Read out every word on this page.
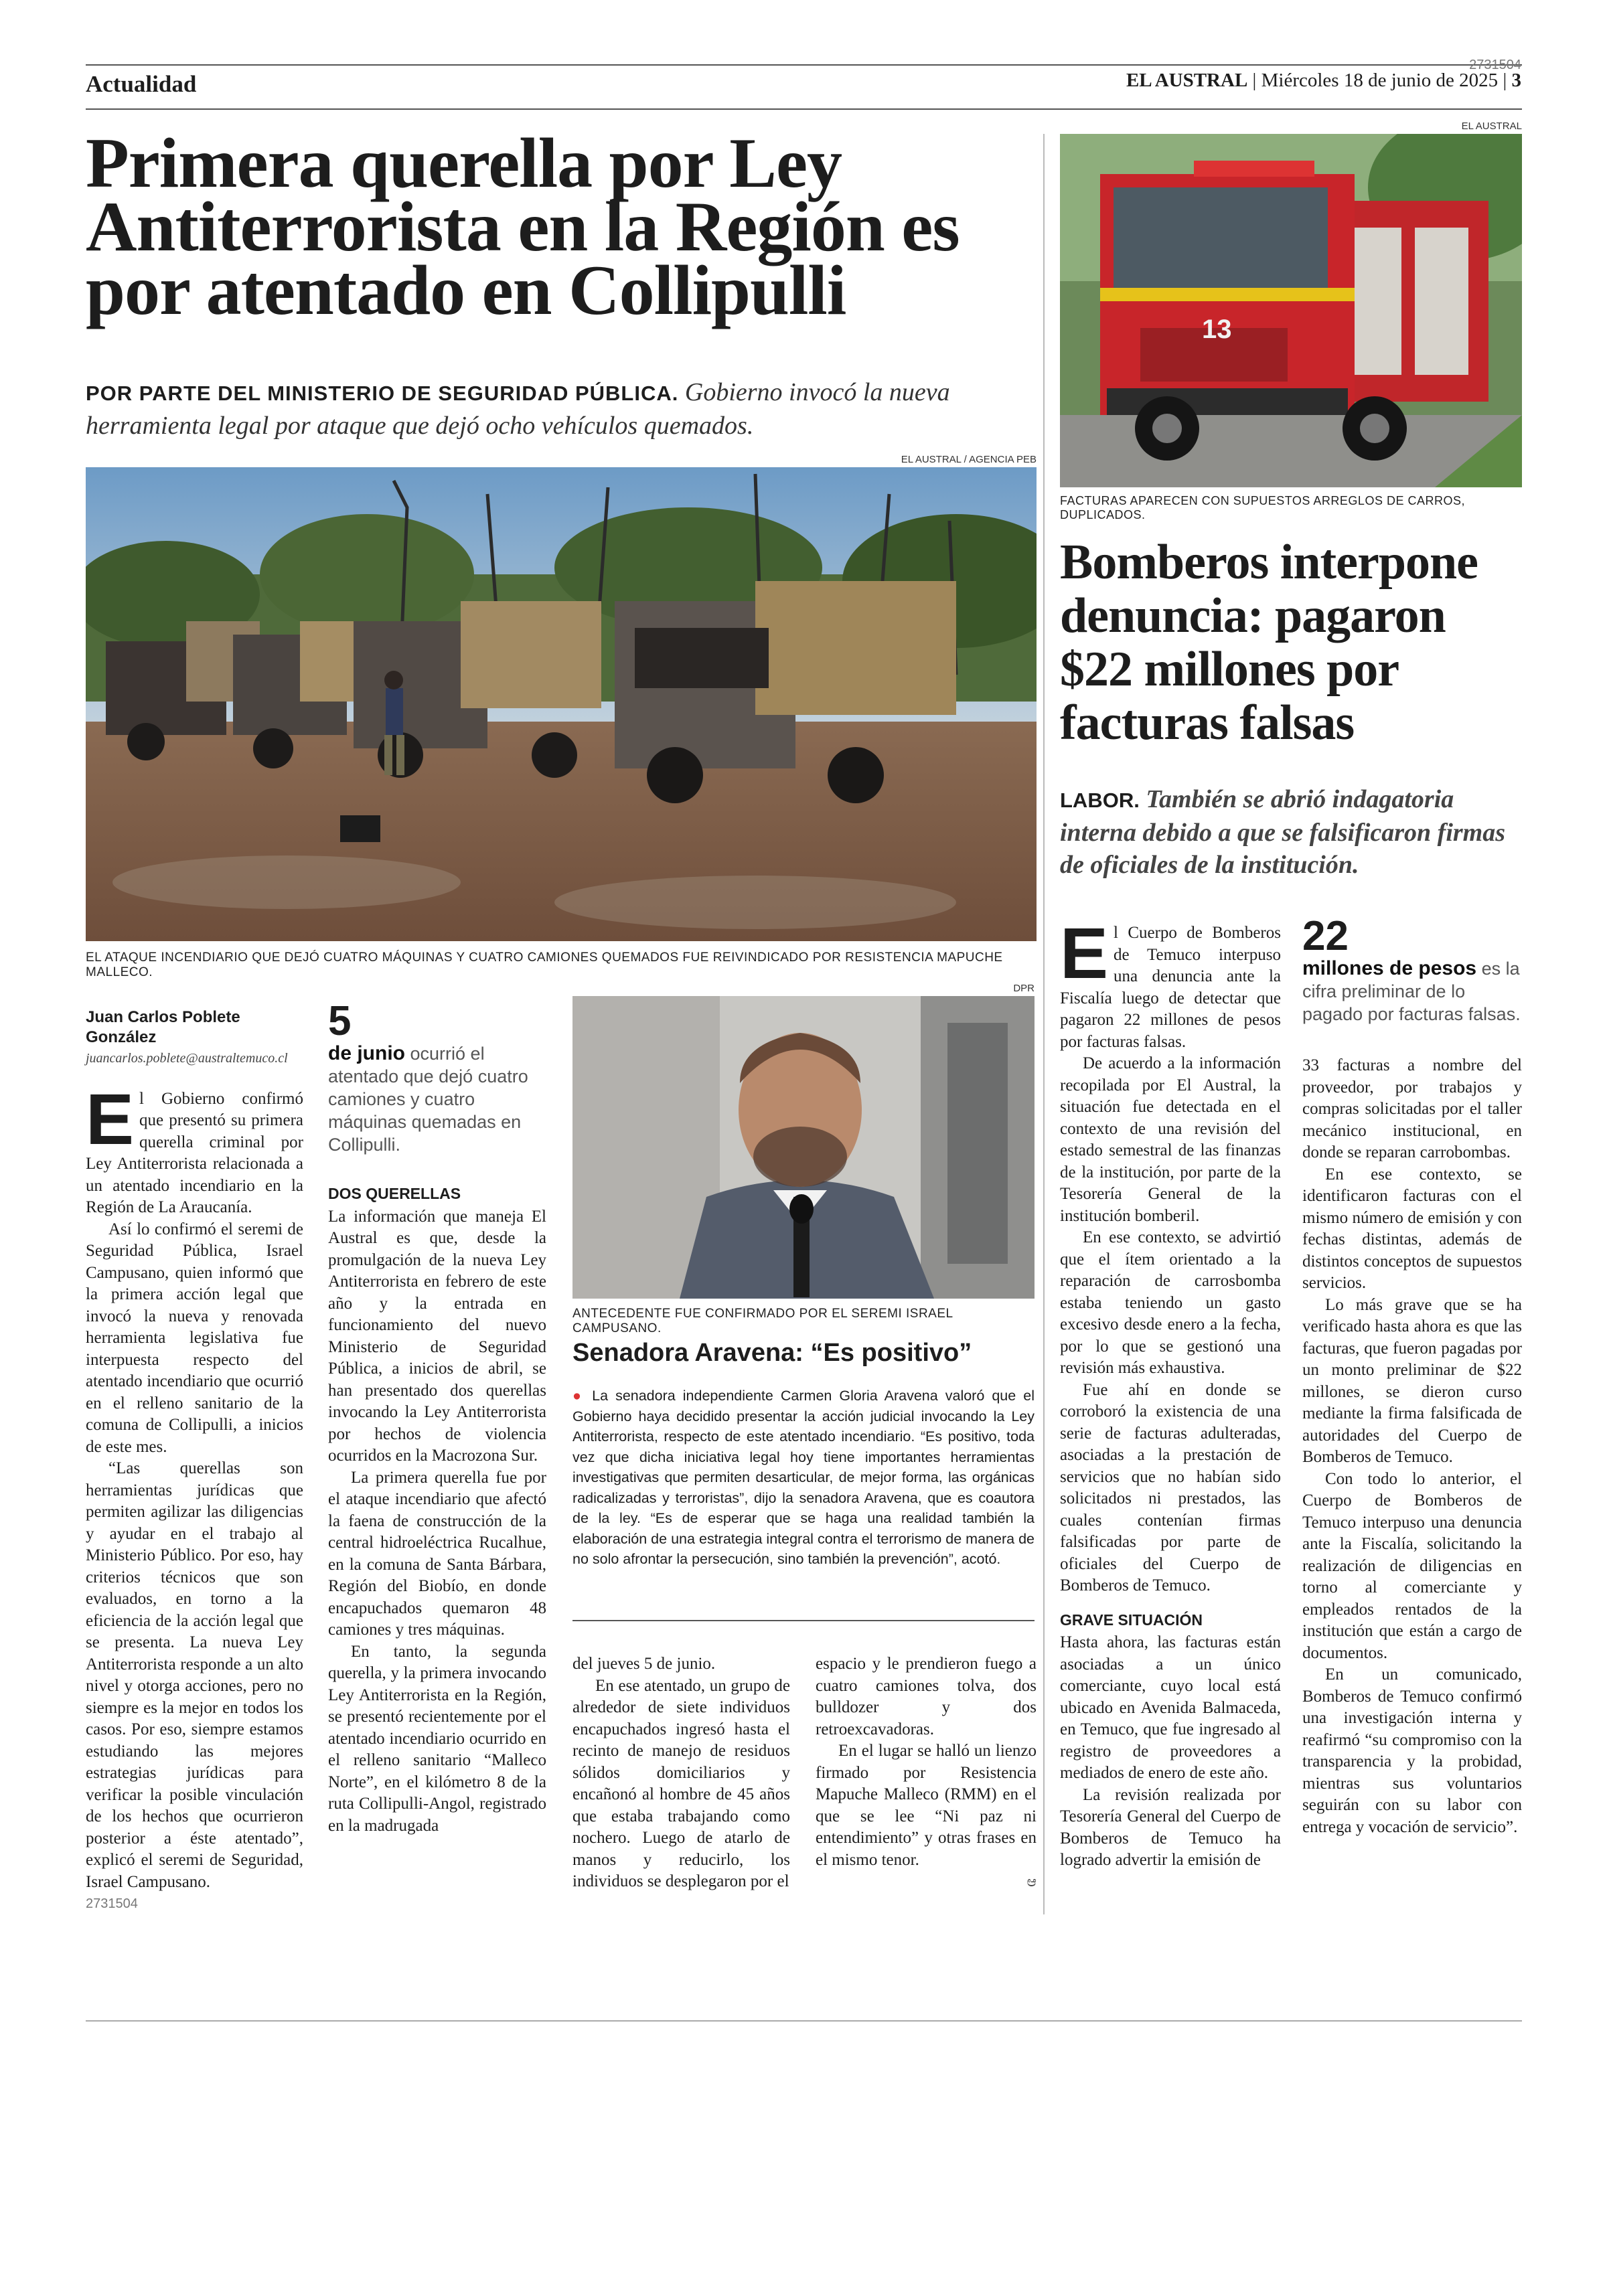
Actualidad
2731504
EL AUSTRAL | Miércoles 18 de junio de 2025 | 3
Primera querella por Ley Antiterrorista en la Región es por atentado en Collipulli
POR PARTE DEL MINISTERIO DE SEGURIDAD PÚBLICA. Gobierno invocó la nueva herramienta legal por ataque que dejó ocho vehículos quemados.
EL AUSTRAL / AGENCIA PEB
EL ATAQUE INCENDIARIO QUE DEJÓ CUATRO MÁQUINAS Y CUATRO CAMIONES QUEMADOS FUE REIVINDICADO POR RESISTENCIA MAPUCHE MALLECO.
Juan Carlos Poblete González
juancarlos.poblete@australtemuco.cl

El Gobierno confirmó que presentó su primera querella criminal por Ley Antiterrorista relacionada a un atentado incendiario en la Región de La Araucanía.

Así lo confirmó el seremi de Seguridad Pública, Israel Campusano, quien informó que la primera acción legal que invocó la nueva y renovada herramienta legislativa fue interpuesta respecto del atentado incendiario que ocurrió en el relleno sanitario de la comuna de Collipulli, a inicios de este mes.

“Las querellas son herramientas jurídicas que permiten agilizar las diligencias y ayudar en el trabajo al Ministerio Público. Por eso, hay criterios técnicos que son evaluados, en torno a la eficiencia de la acción legal que se presenta. La nueva Ley Antiterrorista responde a un alto nivel y otorga acciones, pero no siempre es la mejor en todos los casos. Por eso, siempre estamos estudiando las mejores estrategias jurídicas para verificar la posible vinculación de los hechos que ocurrieron posterior a éste atentado”, explicó el seremi de Seguridad, Israel Campusano.

2731504
5
de junio ocurrió el atentado que dejó cuatro camiones y cuatro máquinas quemadas en Collipulli.
DOS QUERELLAS

La información que maneja El Austral es que, desde la promulgación de la nueva Ley Antiterrorista en febrero de este año y la entrada en funcionamiento del nuevo Ministerio de Seguridad Pública, a inicios de abril, se han presentado dos querellas invocando la Ley Antiterrorista por hechos de violencia ocurridos en la Macrozona Sur.

La primera querella fue por el ataque incendiario que afectó la faena de construcción de la central hidroeléctrica Rucalhue, en la comuna de Santa Bárbara, Región del Biobío, en donde encapuchados quemaron 48 camiones y tres máquinas.

En tanto, la segunda querella, y la primera invocando Ley Antiterrorista en la Región, se presentó recientemente por el atentado incendiario ocurrido en el relleno sanitario “Malleco Norte”, en el kilómetro 8 de la ruta Collipulli-Angol, registrado en la madrugada

DPR
ANTECEDENTE FUE CONFIRMADO POR EL SEREMI ISRAEL CAMPUSANO.
Senadora Aravena: “Es positivo”
● La senadora independiente Carmen Gloria Aravena valoró que el Gobierno haya decidido presentar la acción judicial invocando la Ley Antiterrorista, respecto de este atentado incendiario. “Es positivo, toda vez que dicha iniciativa legal hoy tiene importantes herramientas investigativas que permiten desarticular, de mejor forma, las orgánicas radicalizadas y terroristas”, dijo la senadora Aravena, que es coautora de la ley. “Es de esperar que se haga una realidad también la elaboración de una estrategia integral contra el terrorismo de manera de no solo afrontar la persecución, sino también la prevención”, acotó.

del jueves 5 de junio.

En ese atentado, un grupo de alrededor de siete individuos encapuchados ingresó hasta el recinto de manejo de residuos sólidos domiciliarios y encañonó al hombre de 45 años que estaba trabajando como nochero. Luego de atarlo de manos y reducirlo, los individuos se desplegaron por el

espacio y le prendieron fuego a cuatro camiones tolva, dos bulldozer y dos retroexcavadoras.

En el lugar se halló un lienzo firmado por Resistencia Mapuche Malleco (RMM) en el que se lee “Ni paz ni entendimiento” y otras frases en el mismo tenor.

ಆ
EL AUSTRAL
13
FACTURAS APARECEN CON SUPUESTOS ARREGLOS DE CARROS, DUPLICADOS.
Bomberos interpone denuncia: pagaron $22 millones por facturas falsas
LABOR. También se abrió indagatoria interna debido a que se falsificaron firmas de oficiales de la institución.

El Cuerpo de Bomberos de Temuco interpuso una denuncia ante la Fiscalía luego de detectar que pagaron 22 millones de pesos por facturas falsas.

De acuerdo a la información recopilada por El Austral, la situación fue detectada en el contexto de una revisión del estado semestral de las finanzas de la institución, por parte de la Tesorería General de la institución bomberil.

En ese contexto, se advirtió que el ítem orientado a la reparación de carrosbomba estaba teniendo un gasto excesivo desde enero a la fecha, por lo que se gestionó una revisión más exhaustiva.

Fue ahí en donde se corroboró la existencia de una serie de facturas adulteradas, asociadas a la prestación de servicios que no habían sido solicitados ni prestados, las cuales contenían firmas falsificadas por parte de oficiales del Cuerpo de Bomberos de Temuco.

GRAVE SITUACIÓN

Hasta ahora, las facturas están asociadas a un único comerciante, cuyo local está ubicado en Avenida Balmaceda, en Temuco, que fue ingresado al registro de proveedores a mediados de enero de este año.

La revisión realizada por Tesorería General del Cuerpo de Bomberos de Temuco ha logrado advertir la emisión de

22
millones de pesos es la cifra preliminar de lo pagado por facturas falsas.

33 facturas a nombre del proveedor, por trabajos y compras solicitadas por el taller mecánico institucional, en donde se reparan carrobombas.

En ese contexto, se identificaron facturas con el mismo número de emisión y con fechas distintas, además de distintos conceptos de supuestos servicios.

Lo más grave que se ha verificado hasta ahora es que las facturas, que fueron pagadas por un monto preliminar de $22 millones, se dieron curso mediante la firma falsificada de autoridades del Cuerpo de Bomberos de Temuco.

Con todo lo anterior, el Cuerpo de Bomberos de Temuco interpuso una denuncia ante la Fiscalía, solicitando la realización de diligencias en torno al comerciante y empleados rentados de la institución que están a cargo de documentos.

En un comunicado, Bomberos de Temuco confirmó una investigación interna y reafirmó “su compromiso con la transparencia y la probidad, mientras sus voluntarios seguirán con su labor con entrega y vocación de servicio”.
